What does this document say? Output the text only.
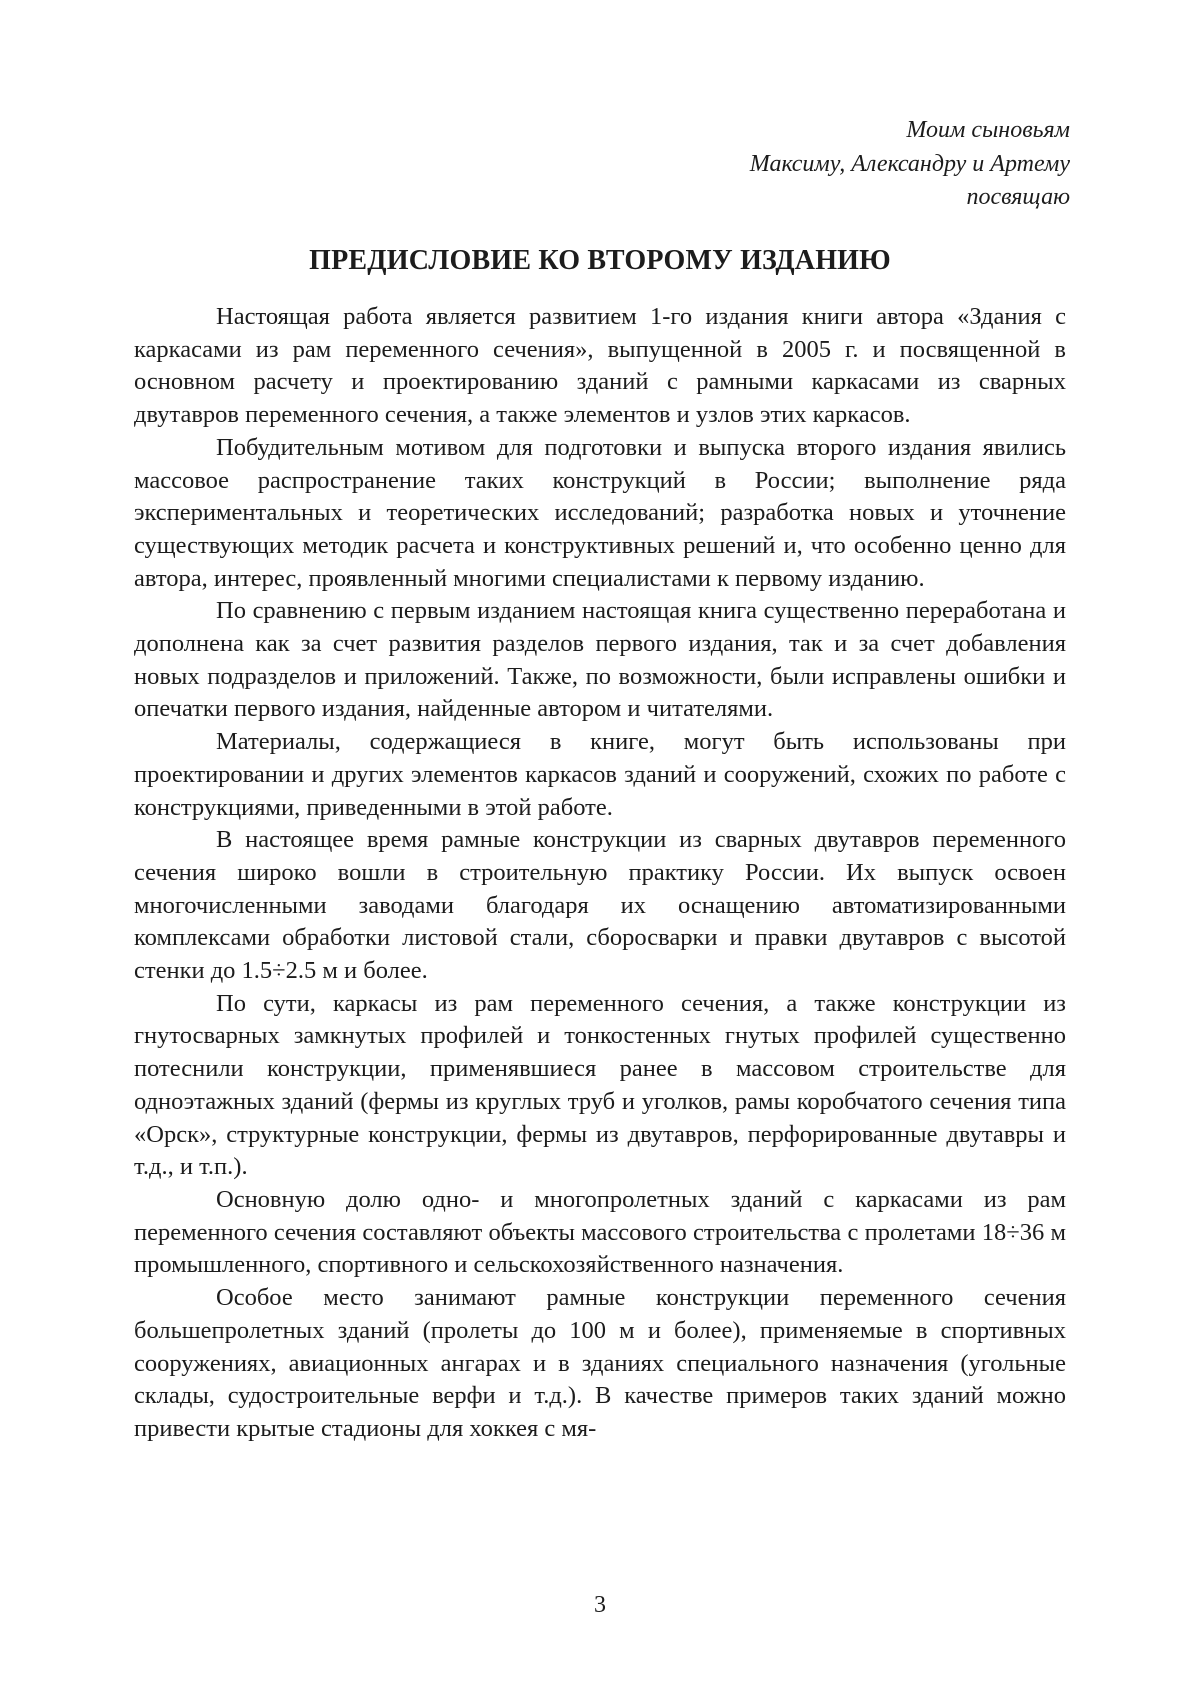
Моим сыновьям
Максиму, Александру и Артему
посвящаю
ПРЕДИСЛОВИЕ КО ВТОРОМУ ИЗДАНИЮ

Настоящая работа является развитием 1-го издания книги автора «Здания с каркасами из рам переменного сечения», выпущенной в 2005 г. и посвященной в основном расчету и проектированию зданий с рамными каркасами из сварных двутавров переменного сечения, а также элементов и узлов этих каркасов.

Побудительным мотивом для подготовки и выпуска второго издания явились массовое распространение таких конструкций в России; выполнение ряда экспериментальных и теоретических исследований; разработка новых и уточнение существующих методик расчета и конструктивных решений и, что особенно ценно для автора, интерес, проявленный многими специалистами к первому изданию.

По сравнению с первым изданием настоящая книга существенно переработана и дополнена как за счет развития разделов первого издания, так и за счет добавления новых подразделов и приложений. Также, по возможности, были исправлены ошибки и опечатки первого издания, найденные автором и читателями.

Материалы, содержащиеся в книге, могут быть использованы при проектировании и других элементов каркасов зданий и сооружений, схожих по работе с конструкциями, приведенными в этой работе.

В настоящее время рамные конструкции из сварных двутавров переменного сечения широко вошли в строительную практику России. Их выпуск освоен многочисленными заводами благодаря их оснащению автоматизированными комплексами обработки листовой стали, сборосварки и правки двутавров с высотой стенки до 1.5÷2.5 м и более.

По сути, каркасы из рам переменного сечения, а также конструкции из гнутосварных замкнутых профилей и тонкостенных гнутых профилей существенно потеснили конструкции, применявшиеся ранее в массовом строительстве для одноэтажных зданий (фермы из круглых труб и уголков, рамы коробчатого сечения типа «Орск», структурные конструкции, фермы из двутавров, перфорированные двутавры и т.д., и т.п.).

Основную долю одно- и многопролетных зданий с каркасами из рам переменного сечения составляют объекты массового строительства с пролетами 18÷36 м промышленного, спортивного и сельскохозяйственного назначения.

Особое место занимают рамные конструкции переменного сечения большепролетных зданий (пролеты до 100 м и более), применяемые в спортивных сооружениях, авиационных ангарах и в зданиях специального назначения (угольные склады, судостроительные верфи и т.д.). В качестве примеров таких зданий можно привести крытые стадионы для хоккея с мя-

3
